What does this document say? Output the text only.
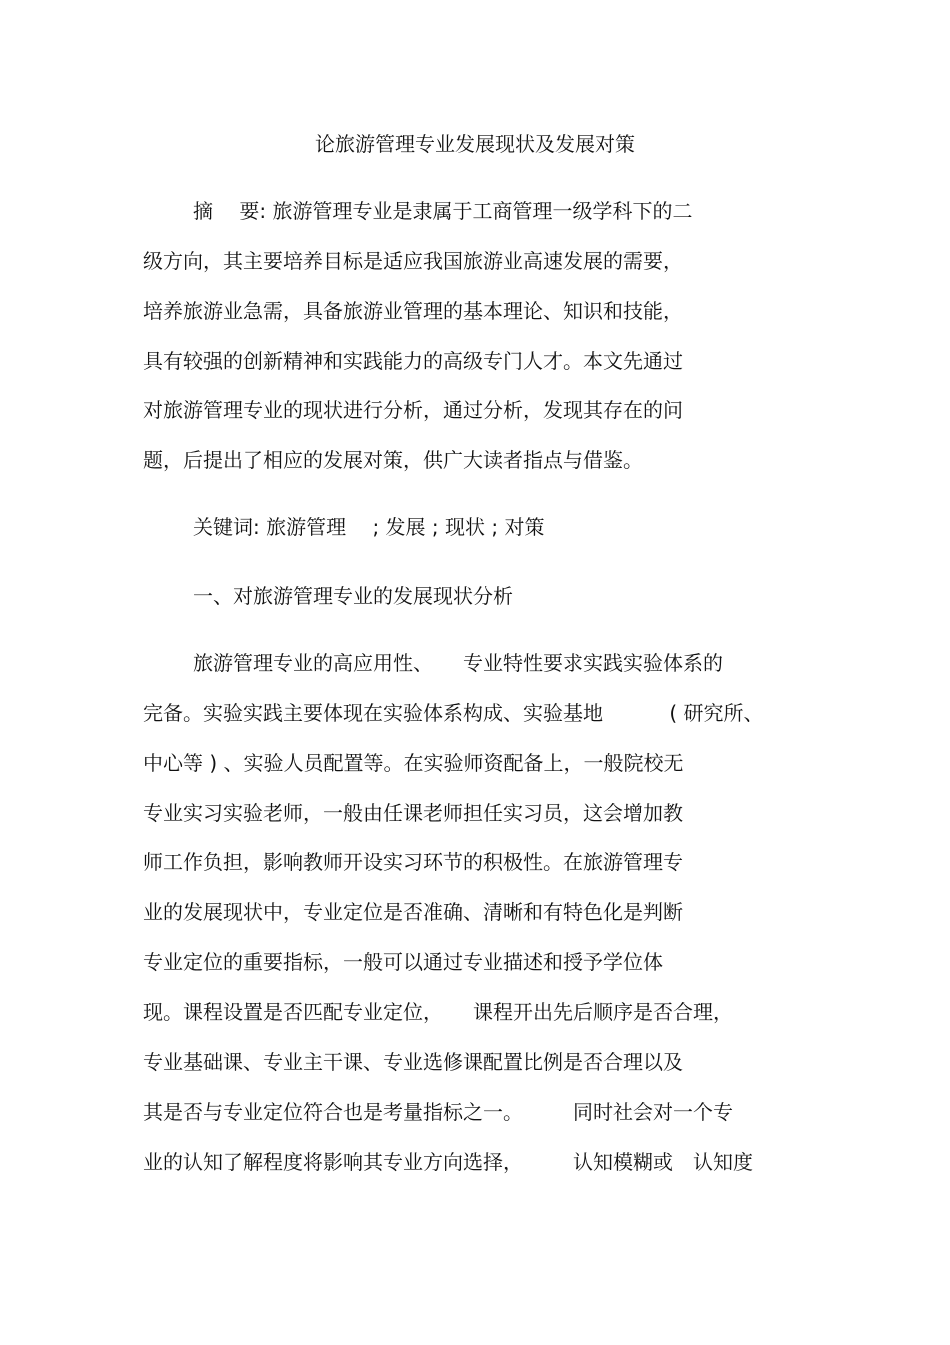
论旅游管理专业发展现状及发展对策
摘　 要: 旅游管理专业是隶属于工商管理一级学科下的二
级方向，其主要培养目标是适应我国旅游业高速发展的需要，
培养旅游业急需，具备旅游业管理的基本理论、知识和技能，
具有较强的创新精神和实践能力的高级专门人才。本文先通过
对旅游管理专业的现状进行分析，通过分析，发现其存在的问
题，后提出了相应的发展对策，供广大读者指点与借鉴。
关键词: 旅游管理　 ; 发展 ; 现状 ; 对策
一、对旅游管理专业的发展现状分析
旅游管理专业的高应用性、　　专业特性要求实践实验体系的
完备。实验实践主要体现在实验体系构成、实验基地　　　 ( 研究所、
中心等 ) 、实验人员配置等。在实验师资配备上，一般院校无
专业实习实验老师，一般由任课老师担任实习员，这会增加教
师工作负担，影响教师开设实习环节的积极性。在旅游管理专
业的发展现状中，专业定位是否准确、清晰和有特色化是判断
专业定位的重要指标，一般可以通过专业描述和授予学位体
现。课程设置是否匹配专业定位，　　课程开出先后顺序是否合理，
专业基础课、专业主干课、专业选修课配置比例是否合理以及
其是否与专业定位符合也是考量指标之一。　　　同时社会对一个专
业的认知了解程度将影响其专业方向选择，　　　认知模糊或　认知度
